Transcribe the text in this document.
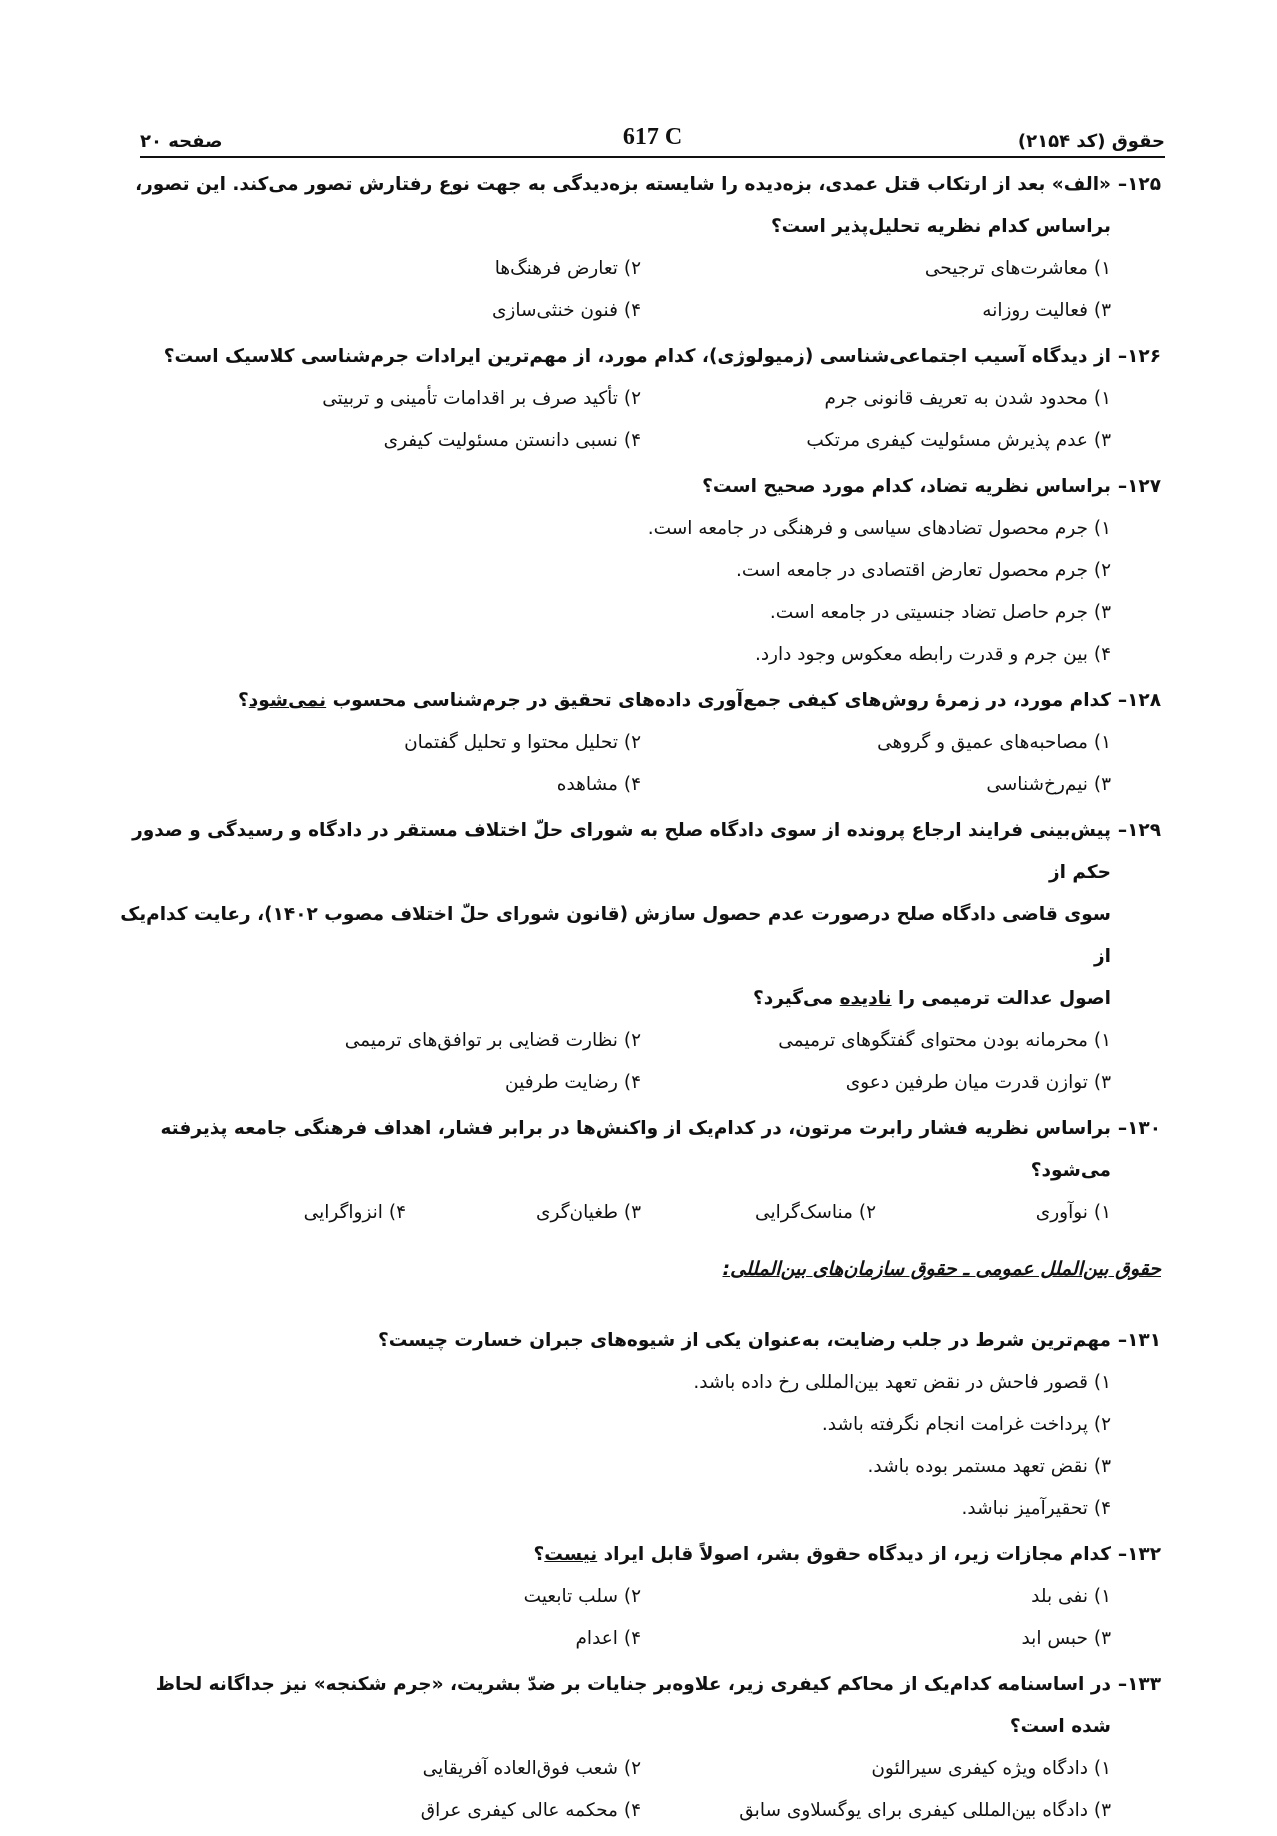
حقوق (کد ۲۱۵۴)
617 C
صفحه ۲۰
۱۲۵–
«الف» بعد از ارتکاب قتل عمدی، بزه‌دیده را شایسته بزه‌دیدگی به جهت نوع رفتارش تصور می‌کند. این تصور،
براساس کدام نظریه تحلیل‌پذیر است؟
۱) معاشرت‌های ترجیحی
۲) تعارض فرهنگ‌ها
۳) فعالیت روزانه
۴) فنون خنثی‌سازی
۱۲۶–
از دیدگاه آسیب اجتماعی‌شناسی (زمیولوژی)، کدام مورد، از مهم‌ترین ایرادات جرم‌شناسی کلاسیک است؟
۱) محدود شدن به تعریف قانونی جرم
۲) تأکید صرف بر اقدامات تأمینی و تربیتی
۳) عدم پذیرش مسئولیت کیفری مرتکب
۴) نسبی دانستن مسئولیت کیفری
۱۲۷–
براساس نظریه تضاد، کدام مورد صحیح است؟
۱) جرم محصول تضادهای سیاسی و فرهنگی در جامعه است.
۲) جرم محصول تعارض اقتصادی در جامعه است.
۳) جرم حاصل تضاد جنسیتی در جامعه است.
۴) بین جرم و قدرت رابطه معکوس وجود دارد.
۱۲۸–
کدام مورد، در زمرهٔ روش‌های کیفی جمع‌آوری داده‌های تحقیق در جرم‌شناسی محسوب نمی‌شود؟
۱) مصاحبه‌های عمیق و گروهی
۲) تحلیل محتوا و تحلیل گفتمان
۳) نیم‌رخ‌شناسی
۴) مشاهده
۱۲۹–
پیش‌بینی فرایند ارجاع پرونده از سوی دادگاه صلح به شورای حلّ اختلاف مستقر در دادگاه و رسیدگی و صدور حکم از
سوی قاضی دادگاه صلح درصورت عدم حصول سازش (قانون شورای حلّ اختلاف مصوب ۱۴۰۲)، رعایت کدام‌یک از
اصول عدالت ترمیمی را نادیده می‌گیرد؟
۱) محرمانه بودن محتوای گفتگوهای ترمیمی
۲) نظارت قضایی بر توافق‌های ترمیمی
۳) توازن قدرت میان طرفین دعوی
۴) رضایت طرفین
۱۳۰–
براساس نظریه فشار رابرت مرتون، در کدام‌یک از واکنش‌ها در برابر فشار، اهداف فرهنگی جامعه پذیرفته می‌شود؟
۱) نوآوری
۲) مناسک‌گرایی
۳) طغیان‌گری
۴) انزواگرایی
حقوق بین‌الملل عمومی ـ حقوق سازمان‌های بین‌المللی:
۱۳۱–
مهم‌ترین شرط در جلب رضایت، به‌عنوان یکی از شیوه‌های جبران خسارت چیست؟
۱) قصور فاحش در نقض تعهد بین‌المللی رخ داده باشد.
۲) پرداخت غرامت انجام نگرفته باشد.
۳) نقض تعهد مستمر بوده باشد.
۴) تحقیرآمیز نباشد.
۱۳۲–
کدام مجازات زیر، از دیدگاه حقوق بشر، اصولاً قابل ایراد نیست؟
۱) نفی بلد
۲) سلب تابعیت
۳) حبس ابد
۴) اعدام
۱۳۳–
در اساسنامه کدام‌یک از محاکم کیفری زیر، علاوه‌بر جنایات بر ضدّ بشریت، «جرم شکنجه» نیز جداگانه لحاظ شده است؟
۱) دادگاه ویژه کیفری سیرالئون
۲) شعب فوق‌العاده آفریقایی
۳) دادگاه بین‌المللی کیفری برای یوگسلاوی سابق
۴) محکمه عالی کیفری عراق
